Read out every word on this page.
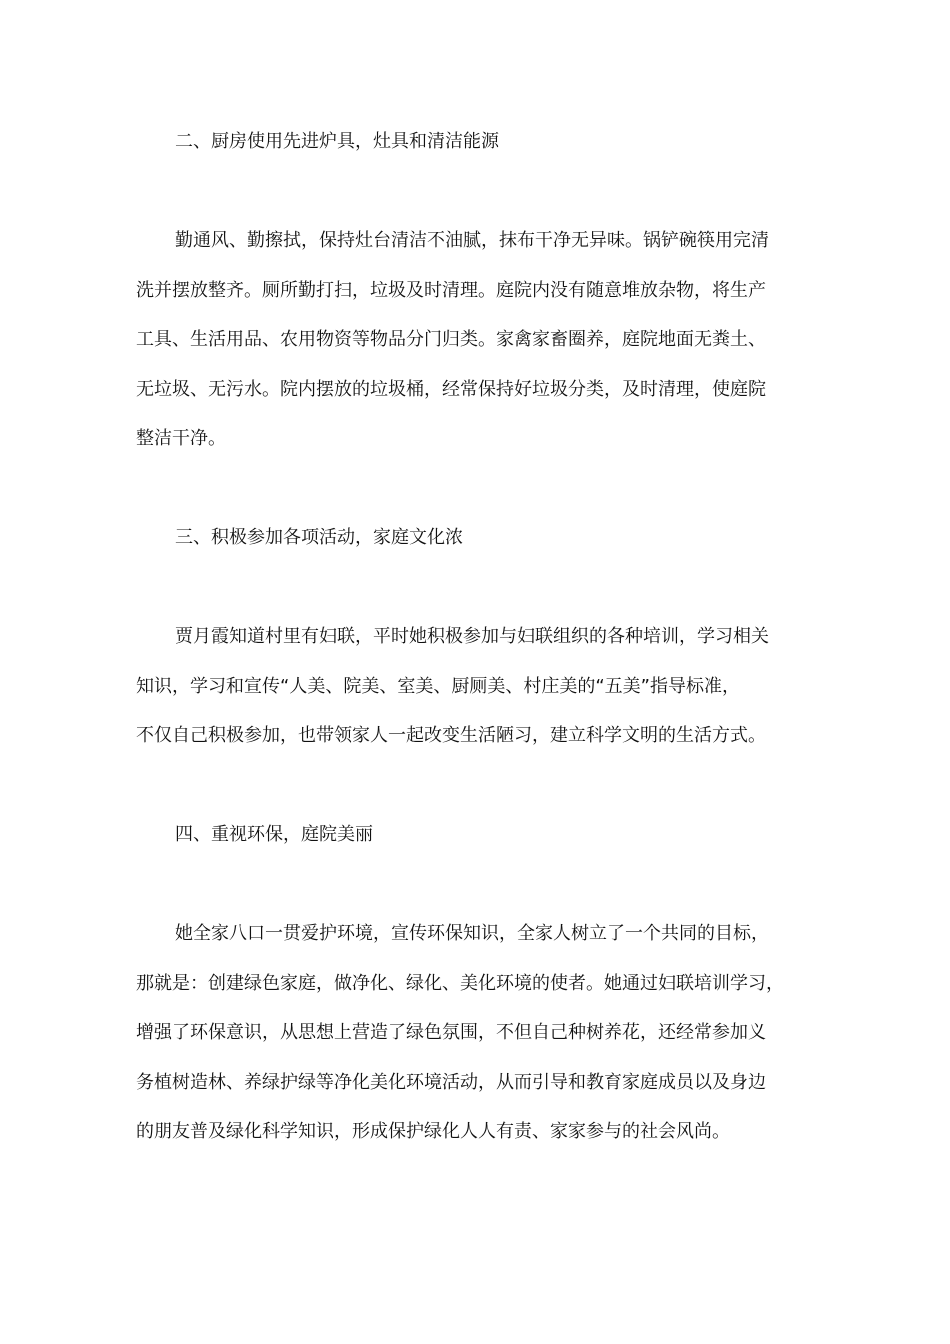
二、厨房使用先进炉具，灶具和清洁能源
勤通风、勤擦拭，保持灶台清洁不油腻，抹布干净无异味。锅铲碗筷用完清
洗并摆放整齐。厕所勤打扫，垃圾及时清理。庭院内没有随意堆放杂物，将生产
工具、生活用品、农用物资等物品分门归类。家禽家畜圈养，庭院地面无粪土、
无垃圾、无污水。院内摆放的垃圾桶，经常保持好垃圾分类，及时清理，使庭院
整洁干净。
三、积极参加各项活动，家庭文化浓
贾月霞知道村里有妇联，平时她积极参加与妇联组织的各种培训，学习相关
知识，学习和宣传“人美、院美、室美、厨厕美、村庄美的“五美”指导标准，
不仅自己积极参加，也带领家人一起改变生活陋习，建立科学文明的生活方式。
四、重视环保，庭院美丽
她全家八口一贯爱护环境，宣传环保知识，全家人树立了一个共同的目标，
那就是：创建绿色家庭，做净化、绿化、美化环境的使者。她通过妇联培训学习，
增强了环保意识，从思想上营造了绿色氛围，不但自己种树养花，还经常参加义
务植树造林、养绿护绿等净化美化环境活动，从而引导和教育家庭成员以及身边
的朋友普及绿化科学知识，形成保护绿化人人有责、家家参与的社会风尚。
